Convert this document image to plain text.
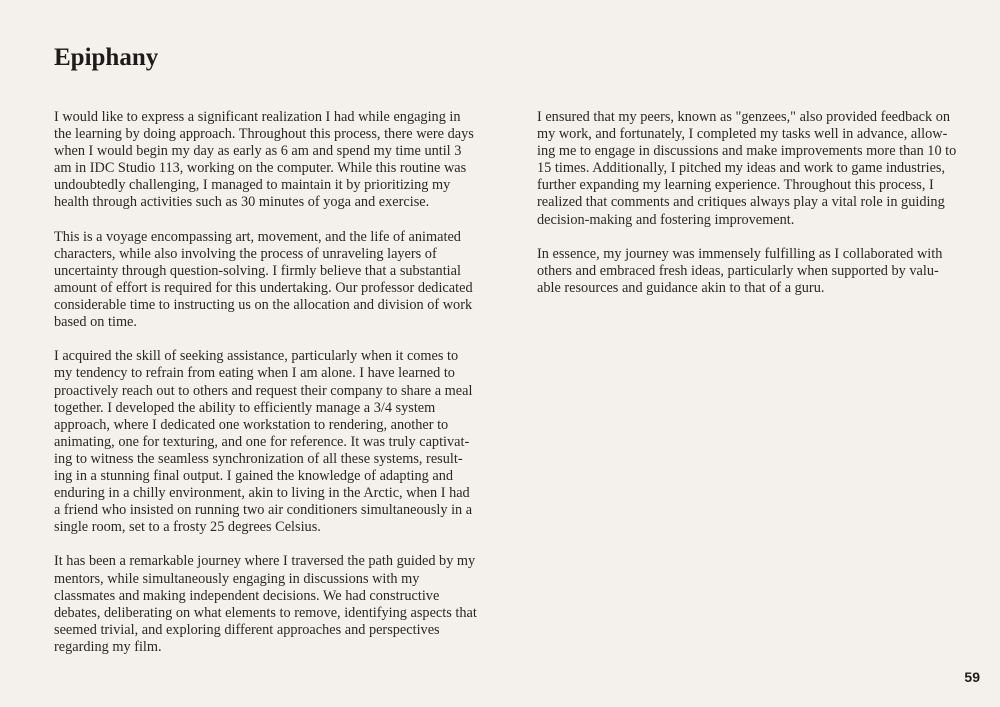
Epiphany

I would like to express a significant realization I had while engaging in the learning by doing approach. Throughout this process, there were days when I would begin my day as early as 6 am and spend my time until 3 am in IDC Studio 113, working on the computer. While this routine was undoubtedly challenging, I managed to maintain it by prioritizing my health through activities such as 30 minutes of yoga and exercise.

This is a voyage encompassing art, movement, and the life of animated characters, while also involving the process of unraveling layers of uncertainty through question-solving. I firmly believe that a substantial amount of effort is required for this undertaking. Our professor dedicated considerable time to instructing us on the allocation and division of work based on time.

I acquired the skill of seeking assistance, particularly when it comes to my tendency to refrain from eating when I am alone. I have learned to proactively reach out to others and request their company to share a meal together. I developed the ability to efficiently manage a 3/4 system approach, where I dedicated one workstation to rendering, another to animating, one for texturing, and one for reference. It was truly captivat-ing to witness the seamless synchronization of all these systems, result-ing in a stunning final output. I gained the knowledge of adapting and enduring in a chilly environment, akin to living in the Arctic, when I had a friend who insisted on running two air conditioners simultaneously in a single room, set to a frosty 25 degrees Celsius.

It has been a remarkable journey where I traversed the path guided by my mentors, while simultaneously engaging in discussions with my classmates and making independent decisions. We had constructive debates, deliberating on what elements to remove, identifying aspects that seemed trivial, and exploring different approaches and perspectives regarding my film.

I ensured that my peers, known as "genzees," also provided feedback on my work, and fortunately, I completed my tasks well in advance, allow-ing me to engage in discussions and make improvements more than 10 to 15 times. Additionally, I pitched my ideas and work to game industries, further expanding my learning experience. Throughout this process, I realized that comments and critiques always play a vital role in guiding decision-making and fostering improvement.

In essence, my journey was immensely fulfilling as I collaborated with others and embraced fresh ideas, particularly when supported by valu-able resources and guidance akin to that of a guru.

59
